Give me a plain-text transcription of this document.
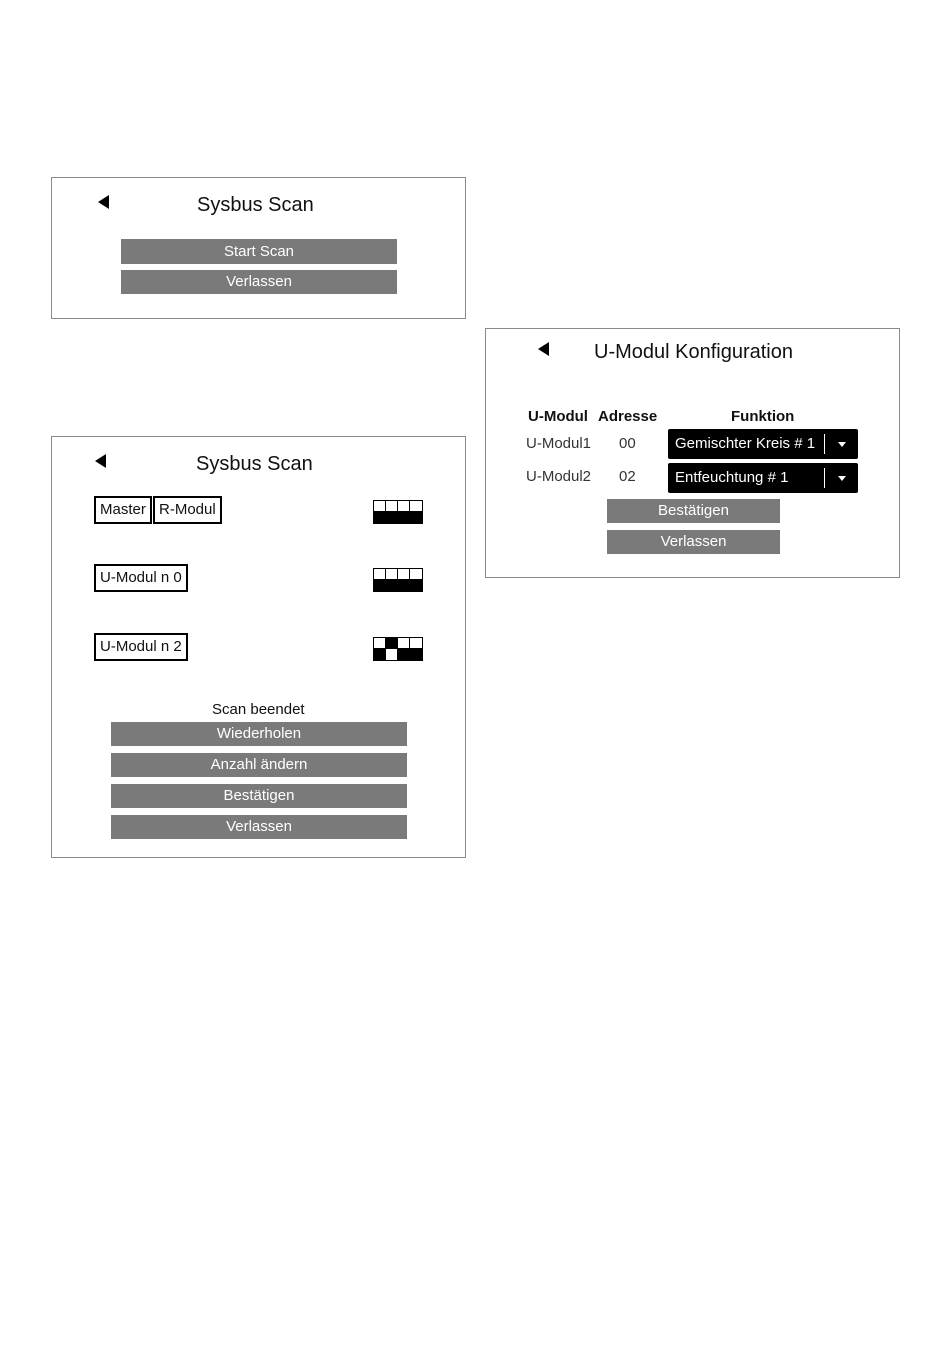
Sysbus Scan
Start Scan
Verlassen
Sysbus Scan
Master R-Modul
U-Modul n 0
U-Modul n 2
Scan beendet
Wiederholen
Anzahl ändern
Bestätigen
Verlassen
U-Modul Konfiguration
U-Modul Adresse	Funktion
U-Modul1 00	Gemischter Kreis # 1
U-Modul2 02	Entfeuchtung # 1
Bestätigen
Verlassen
